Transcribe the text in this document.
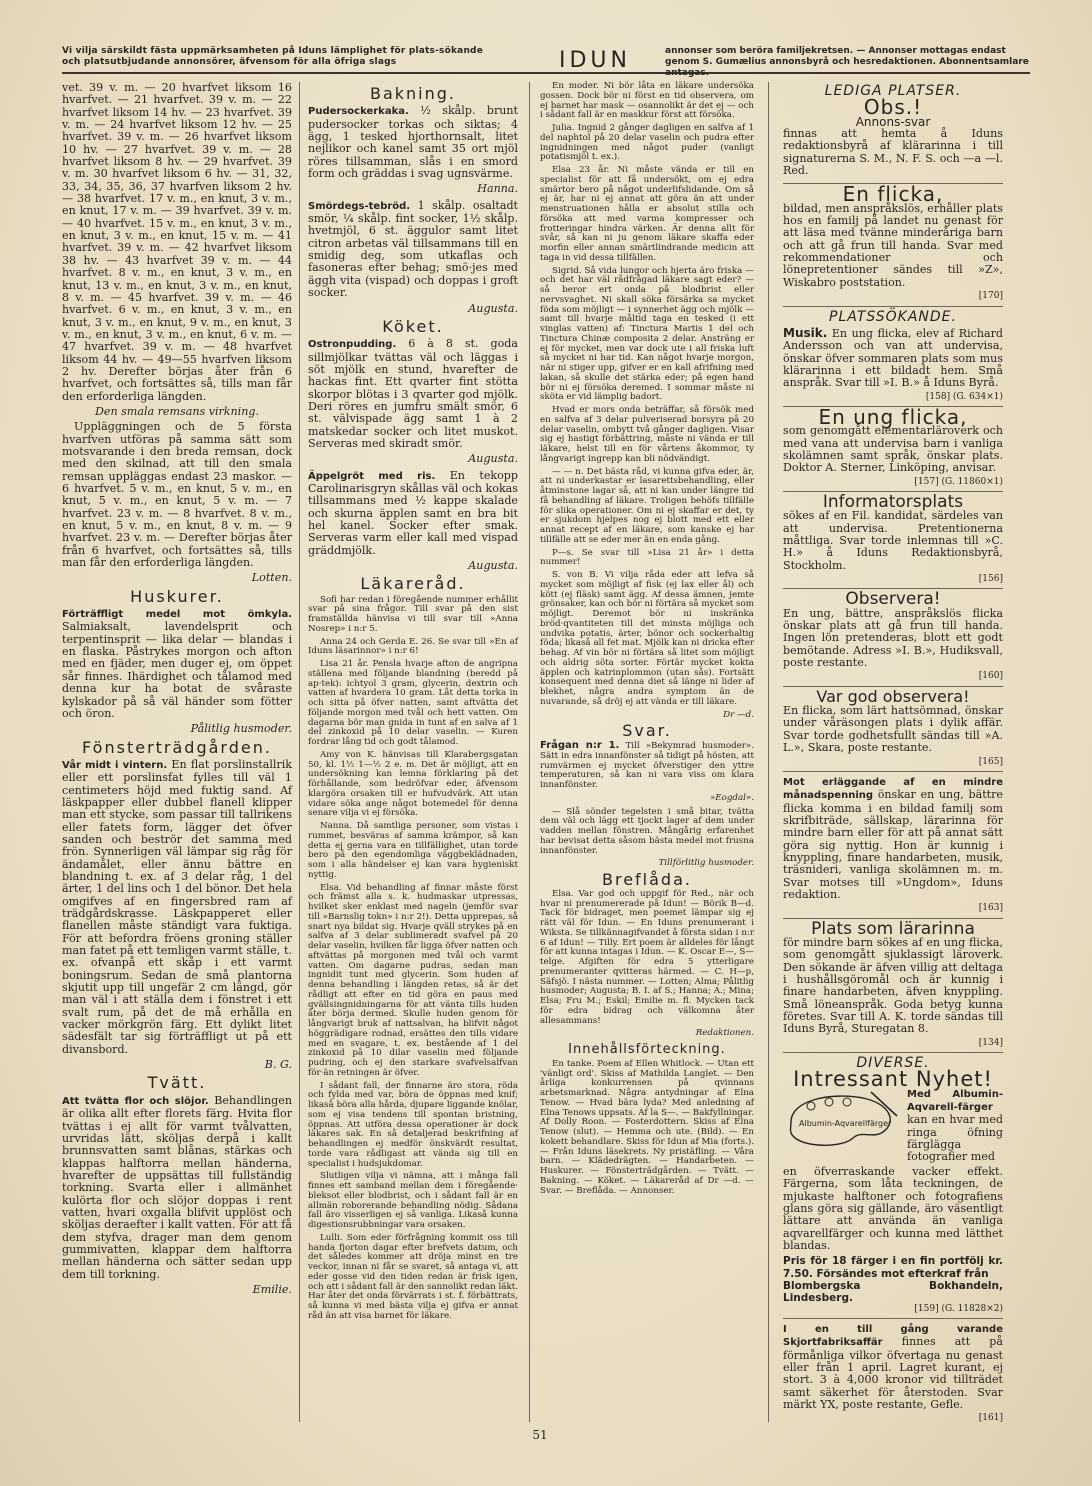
Vi vilja särskildt fästa uppmärksamheten på Iduns lämplighet för plats-sökande och platsutbjudande annonsörer, äfvensom för alla öfriga slags	IDUN	annonser som beröra familjekretsen. — Annonser mottagas endast genom S. Gumælius annonsbyrå och hesredaktionen. Abonnentsamlare antagas.

vet. 39 v. m. — 20 hvarfvet liksom 16 hvarfvet. — 21 hvarfvet. 39 v. m. — 22 hvarfvet liksom 14 hv. — 23 hvarfvet. 39 v. m. — 24 hvarfvet liksom 12 hv. — 25 hvarfvet. 39 v. m. — 26 hvarfvet liksom 10 hv. — 27 hvarfvet. 39 v. m. — 28 hvarfvet liksom 8 hv. — 29 hvarfvet. 39 v. m. 30 hvarfvet liksom 6 hv. — 31, 32, 33, 34, 35, 36, 37 hvarfven liksom 2 hv. — 38 hvarfvet. 17 v. m., en knut, 3 v. m., en knut, 17 v. m. — 39 hvarfvet. 39 v. m. — 40 hvarfvet. 15 v. m., en knut, 3 v. m., en knut, 3 v. m., en knut, 15 v. m. — 41 hvarfvet. 39 v. m. — 42 hvarfvet liksom 38 hv. — 43 hvarfvet 39 v. m. — 44 hvarfvet. 8 v. m., en knut, 3 v. m., en knut, 13 v. m., en knut, 3 v. m., en knut, 8 v. m. — 45 hvarfvet. 39 v. m. — 46 hvarfvet. 6 v. m., en knut, 3 v. m., en knut, 3 v. m., en knut, 9 v. m., en knut, 3 v. m., en knut, 3 v. m., en knut, 6 v. m. — 47 hvarfvet. 39 v. m. — 48 hvarfvet liksom 44 hv. — 49—55 hvarfven liksom 2 hv. Derefter börjas åter från 6 hvarfvet, och fortsättes så, tills man får den erforderliga längden.

Den smala remsans virkning.

Uppläggningen och de 5 första hvarfven utföras på samma sätt som motsvarande i den breda remsan, dock med den skilnad, att till den smala remsan uppläggas endast 23 maskor. — 6 hvarfvet. 5 v. m., en knut, 5 v. m., en knut, 5 v. m., en knut, 5 v. m. — 7 hvarfvet. 23 v. m. — 8 hvarfvet. 8 v. m., en knut, 5 v. m., en knut, 8 v. m. — 9 hvarfvet. 23 v. m. — Derefter börjas åter från 6 hvarfvet, och fortsättes så, tills man får den erforderliga längden.

Lotten.

Huskurer.

Förträffligt medel mot ömkyla. Salmiaksalt, lavendelsprit och terpentinsprit — lika delar — blandas i en flaska. Påstrykes morgon och afton med en fjäder, men duger ej, om öppet sår finnes. Ihärdighet och tålamod med denna kur ha botat de svåraste kylskador på så väl händer som fötter och öron.

Pålitlig husmoder.

Fönsterträdgården.

Vår midt i vintern. En flat porslinstallrik eller ett porslinsfat fylles till väl 1 centimeters höjd med fuktig sand. Af läskpapper eller dubbel flanell klipper man ett stycke, som passar till tallrikens eller fatets form, lägger det öfver sanden och beströr det samma med frön. Synnerligen väl lämpar sig råg för ändamålet, eller ännu bättre en blandning t. ex. af 3 delar råg, 1 del ärter, 1 del lins och 1 del bönor. Det hela omgifves af en fingersbred ram af trädgårdskrasse. Läskpapperet eller flanellen måste ständigt vara fuktiga. För att befordra fröens groning ställer man fatet på ett temligen varmt ställe, t. ex. ofvanpå ett skåp i ett varmt boningsrum. Sedan de små plantorna skjutit upp till ungefär 2 cm längd, gör man väl i att ställa dem i fönstret i ett svalt rum, på det de må erhålla en vacker mörkgrön färg. Ett dylikt litet sädesfält tar sig förträffligt ut på ett divansbord.

B. G.

Tvätt.

Att tvätta flor och slöjor. Behandlingen är olika allt efter florets färg. Hvita flor tvättas i ej allt för varmt tvålvatten, urvridas lätt, sköljas derpå i kallt brunnsvatten samt blånas, stärkas och klappas halftorra mellan händerna, hvarefter de uppsättas till fullständig torkning. Svarta eller i allmänhet kulörta flor och slöjor doppas i rent vatten, hvari oxgalla blifvit upplöst och sköljas deraefter i kallt vatten. För att få dem styfva, drager man dem genom gummivatten, klappar dem halftorra mellan händerna och sätter sedan upp dem till torkning.

Emilie.

Bakning.

Pudersockerkaka. ½ skålp. brunt pudersocker torkas och siktas; 4 ägg, 1 tesked hjorthornsalt, litet nejlikor och kanel samt 35 ort mjöl röres tillsamman, slås i en smord form och gräddas i svag ugnsvärme.

Hanna.

Smördegs-tebröd. 1 skålp. osaltadt smör, ¼ skålp. fint socker, 1½ skålp. hvetmjöl, 6 st. äggulor samt litet citron arbetas väl tillsammans till en smidig deg, som utkaflas och fasoneras efter behag; smö·jes med äggh vita (vispad) och doppas i groft socker.

Augusta.

Köket.

Ostronpudding. 6 à 8 st. goda sillmjölkar tvättas väl och läggas i söt mjölk en stund, hvarefter de hackas fint. Ett qvarter fint stötta skorpor blötas i 3 qvarter god mjölk. Deri röres en jumfru smält smör, 6 st. välvispade ägg samt 1 à 2 matskedar socker och litet muskot. Serveras med skiradt smör.

Augusta.

Äppelgröt med ris. En tekopp Carolinarisgryn skållas väl och kokas tillsammans med ½ kappe skalade och skurna äpplen samt en bra bit hel kanel. Socker efter smak. Serveras varm eller kall med vispad gräddmjölk.

Augusta.

Läkareråd.

Sofi har redan i föregående nummer erhållit svar på sina frågor. Till svar på den sist framställda hänvisa vi till svar till »Anna Nosrep» i n:r 5.

Anna 24 och Gerda E. 26. Se svar till »En af Iduns läsarinnor» i n:r 6!

Lisa 21 år. Pensla hvarje afton de angripna ställena med följande blandning (beredd på ap·tek): ichtyol 3 gram, glycerin, dextrin och vatten af hvardera 10 gram. Låt detta torka in och sitta på öfver natten, samt aftvätta det följande morgon med tvål och hett vatten. Om dagarna bör man gnida in tunt af en salva af 1 del zinkoxid på 10 delar vaselin. — Kuren fordrar lång tid och godt tålamod.

Amy von K. hänvisas till Klarabergsgatan 50, kl. 1½ 1—½ 2 e. m. Det är möjligt, att en undersökning kan lemna förklaring på det förhållande, som bedröfvar eder, äfvensom klargöra orsaken till er hufvudvärk. Att utan vidare söka ange något botemedel för denna senare vilja vi ej försöka.

Nanna. Då samtliga personer, som vistas i rummet, besväras af samma krämpor, så kan detta ej gerna vara en tillfällighet, utan torde bero på den egendomliga väggbeklädnaden, som i alla händelser ej kan vara hygieniskt nyttig.

Elsa. Vid behandling af finnar måste först och främst alla s. k. hudmaskar utpressas, hvilket sker enklast med nageln (jemför svar till »Barnslig tokn» i n:r 2!). Detta upprepas, så snart nya bildat sig. Hvarje qväll strykes på en salfva af 3 delar sublimeradt svafvel på 20 delar vaselin, hvilken får ligga öfver natten och aftvättas på morgonen med tvål och varmt vatten. Om dagarne pudras, sedan man ingnidit tunt med glycerin. Som huden af denna behandling i längden retas, så är det rådligt att efter en tid göra en paus med qvällsingnidningarna för att vänta tills huden åter börja dermed. Skulle huden genom för långvarigt bruk af nattsalvan, ha blifvit något höggrädigare rodnad, ersättes den tills vidare med en svagare, t. ex. bestående af 1 del zinkoxid på 10 dilar vaselin med följande pudring, och ej den starkare svafvelsalfvan för·än retningen är öfver.

I sådant fall, der finnarne äro stora, röda och fylda med var, böra de öppnas med knif; likaså böra alla hårda, djupare liggande knölar, som ej visa tendens till spontan bristning, öppnas. Att utföra dessa operationer är dock läkares sak. En så detaljerad beskrifning af behandlingen ej medför önskvärdt resultat, torde vara rådligast att vända sig till en specialist i hudsjukdomar.

Slutligen vilja vi nämna, att i många fall finnes ett samband mellan dem i föregående· bleksot eller blodbrist, och i sådant fall är en allmän roborerande behandling nödig. Sådana fall äro visserligen ej så vanliga. Likaså kunna digestionsrubbningar vara orsaken.

Lulli. Som eder förfrågning kommit oss till handa fjorton dagar efter brefvets datum, och det således kommer att dröja minst en tre veckor, innan ni får se svaret, så antaga vi, att eder gosse vid den tiden redan är frisk igen, och att i sådant fall är den sannolikt redan läkt. Har åter det onda förvärrats i st. f. förbättrats, så kunna vi med bästa vilja ej gifva er annat råd än att visa barnet för läkare.

En moder. Ni bör låta en läkare undersöka gossen. Dock bör ni först en tid observera, om ej barnet har mask — osannolikt är det ej — och i sådant fall är en maskkur först att försöka.

Julia. Ingnid 2 gånger dagligen en salfva af 1 del naphtol på 20 delar vaselin och pudra efter ingnidningen med något puder (vanligt potatismjöl t. ex.).

Elsa 23 år. Ni måste vända er till en specialist för att få undersökt, om ej edra smärtor bero på något underlifslidande. Om så ej är, har ni ej annat att göra än att under menstruationen hålla er absolut stilla och försöka att med varma kompresser och frotteringar hindra värken. Är denna allt för svår, så kan ni ju genom läkare skaffa eder morfin eller annan smärtlindrande medicin att taga in vid dessa tillfällen.

Sigrid. Så vida lungor och hjerta äro friska — och det har väl rådfrågad läkare sagt eder? — så beror ert onda på blodbrist eller nervsvaghet. Ni skall söka försärka sa mycket föda som möjligt — i synnerhet ägg och mjölk — samt till hvarje måltid taga en tesked (i ett vinglas vatten) af: Tinctura Martis 1 del och Tinctura Chinæ composita 2 delar. Ansträng er ej för mycket, men var dock ute i all friska luft så mycket ni har tid. Kan något hvarje morgon, när ni stiger upp, gifver er en kall afrifning med lakan, så skulle det stärka eder; på egen hand bör ni ej försöka deremed. I sommar måste ni sköta er vid lämplig badort.

Hvad er mors onda beträffar, så försök med en salfva af 3 delar pulveriserad borsyra på 20 delar vaselin, ombytt två gånger dagligen. Visar sig ej hastigt förbättring, måste ni vända er till läkare, helst till en för vårtens åkommor, ty långvarigt ingrepp kan bli nödvändigt.

— — n. Det bästa råd, vi kunna gifva eder, är, att ni underkastar er lasarettsbehandling, eller åtminstone lagar så, att ni kan under längre tid få behandling af läkare. Troligen behöfs tillfälle för slika operationer. Om ni ej skaffar er det, ty er sjukdom hjelpes nog ej blott med ett eller annat recept af en läkare, som kanske ej har tillfälle att se eder mer än en enda gång.

P—s. Se svar till »Lisa 21 år» i detta nummer!

S. von B. Vi vilja råda eder att lefva så mycket som möjligt af fisk (ej lax eller ål) och kött (ej fläsk) samt ägg. Af dessa ämnen, jemte grönsaker, kan och bör ni förtära så mycket som möjligt. Deremot bör ni inskränka bröd·qvantiteten till det minsta möjliga och undvika potatis, ärter, bönor och sockerhaltig föda; likaså all fet mat. Mjölk kan ni dricka efter behag. Af vin bör ni förtära så litet som möjligt och aldrig söta sorter. Förtär mycket kokta äpplen och katrinplommon (utan sås). Fortsätt konsequent med denna diet så länge ni lider af blekhet, några andra symptom än de nuvarande, så dröj ej att vända er till läkare.

Dr —d.

Svar.

Frågan n:r 1. Till »Bekymrad husmoder». Sätt in edra innanfönster så tidigt på hösten, att rumvärmen ej mycket öfverstiger den yttre temperaturen, så kan ni vara viss om klara innanfönster.

»Eogdal».

— Slå sönder tegelsten i små bitar, tvätta dem väl och lägg ett tjockt lager af dem under vadden mellan fönstren. Mångårig erfarenhet har bevisat detta såsom bästa medel mot frusna innanfönster.

Tillförlitlig husmoder.

Breflåda.

Elsa. Var god och uppgif för Red., när och hvar ni prenumererade på Idun! — Börik B—d. Tack för bidraget, men poemet lämpar sig ej rätt väl för Idun. — En Iduns prenumerant i Wiksta. Se tillkännagifvandet å första sidan i n:r 6 af Idun! — Tilly. Ert poem är alldeles för långt för att kunna intagas i Idun. — K. Oscar E—, S—telge. Afgiften för edra 5 ytterligare prenumeranter qvitteras härmed. — C. H—p, Säfsjö. I nästa nummer. — Lotten; Alma; Pålitlig husmoder; Augusta; B. I. af S.; Hanna; A.; Mina; Elsa; Fru M.; Eskil; Emilie m. fl. Mycken tack för edra bidrag och välkomna åter allesammans!

Redaktionen.

Innehållsförteckning.

En tanke. Poem af Ellen Whitlock. — Utan ett 'vänligt ord'. Skiss af Mathilda Langlet. — Den årliga konkurrensen på qvinnans arbetsmarknad. Några antydningar af Elna Tenow. — Hvad bära lyda? Med anledning af Elna Tenows uppsats. Af la S—. — Bakfyllningar. Af Dolly Roon. — Fosterdottern. Skiss af Elna Tenow (slut). — Hemma och ute. (Bild). — En kokett behandlare. Skiss för Idun af Mia (forts.). — Från Iduns läsekrets. Ny pristäfling. — Våra barn. — Klädedrägten. — Handarbeten. — Huskurer. — Fönsterträdgården. — Tvätt. — Bakning. — Köket. — Läkareråd af Dr —d. — Svar. — Breflåda. — Annonser.

LEDIGA PLATSER.
Obs.!
Annons-svar

finnas att hemta å Iduns redaktionsbyrå af klärarinna i till signaturerna S. M., N. F. S. och —a —l. Red.

En flicka,

bildad, men anspråkslös, erhåller plats hos en familj på landet nu genast för att läsa med tvänne minderåriga barn och att gå frun till handa. Svar med rekommendationer och lönepretentioner sändes till »Z», Wiskabro poststation.

[170]
PLATSSÖKANDE.

Musik. En ung flicka, elev af Richard Andersson och van att undervisa, önskar öfver sommaren plats som mus klärarinna i ett bildadt hem. Små anspråk. Svar till »I. B.» å Iduns Byrå.

[158] (G. 634×1)
En ung flicka,

som genomgått elementarläroverk och med vana att undervisa barn i vanliga skolämnen samt språk, önskar plats. Doktor A. Sterner, Linköping, anvisar.

[157] (G. 11860×1)
Informatorsplats

sökes af en Fil. kandidat, särdeles van att undervisa. Pretentionerna måttliga. Svar torde inlemnas till »C. H.» å Iduns Redaktionsbyrå, Stockholm.

[156]
Observera!

En ung, bättre, anspråkslös flicka önskar plats att gå frun till handa. Ingen lön pretenderas, blott ett godt bemötande. Adress »I. B.», Hudiksvall, poste restante.

[160]
Var god observera!

En flicka, som lärt hattsömnad, önskar under våräsongen plats i dylik affär. Svar torde godhetsfullt sändas till »A. L.», Skara, poste restante.

[165]

Mot erläggande af en mindre månadspenning önskar en ung, bättre flicka komma i en bildad familj som skrifbiträde, sällskap, lärarinna för mindre barn eller för att på annat sätt göra sig nyttig. Hon är kunnig i knyppling, finare handarbeten, musik, träsnideri, vanliga skolämnen m. m. Svar motses till »Ungdom», Iduns redaktion.

[163]
Plats som lärarinna

för mindre barn sökes af en ung flicka, som genomgått sjuklassigt läroverk. Den sökande är äfven villig att deltaga i hushållsgöromål och är kunnig i finare handarbeten, äfven knyppling. Små löneanspråk. Goda betyg kunna företes. Svar till A. K. torde sändas till Iduns Byrå, Sturegatan 8.

[134]
DIVERSE.
Intressant Nyhet!
Albumin-Aqvarellfärger
Med Albumin-Aqvarell-färger kan en hvar med ringa öfning färglägga fotografier med

en öfverraskande vacker effekt. Färgerna, som låta teckningen, de mjukaste halftoner och fotografiens glans göra sig gällande, äro väsentligt lättare att använda än vanliga aqvarellfärger och kunna med lätthet blandas.

Pris för 18 färger i en fin portfölj kr. 7.50. Försändes mot efterkraf från

Blombergska Bokhandeln, Lindesberg.

[159] (G. 11828×2)

I en till gång varande Skjortfabriksaffär finnes att på förmånliga vilkor öfvertaga nu genast eller från 1 april. Lagret kurant, ej stort. 3 à 4,000 kronor vid tillträdet samt säkerhet för återstoden. Svar märkt YX, poste restante, Gefle.

[161]
51
